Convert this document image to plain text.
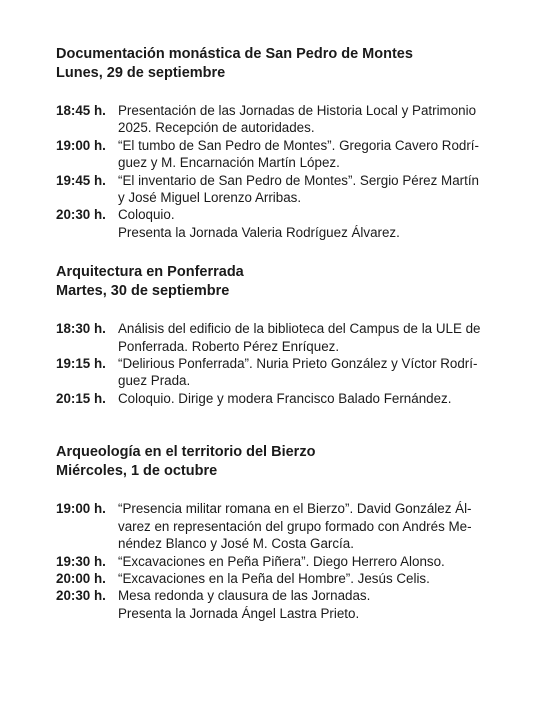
Documentación monástica de San Pedro de Montes

Lunes, 29 de septiembre

18:45 h. Presentación de las Jornadas de Historia Local y Patrimonio
2025. Recepción de autoridades.
19:00 h. “El tumbo de San Pedro de Montes”. Gregoria Cavero Rodrí-
guez y M. Encarnación Martín López.
19:45 h. “El inventario de San Pedro de Montes”. Sergio Pérez Martín
y José Miguel Lorenzo Arribas.
20:30 h. Coloquio.
Presenta la Jornada Valeria Rodríguez Álvarez.

Arquitectura en Ponferrada

Martes, 30 de septiembre

18:30 h. Análisis del edificio de la biblioteca del Campus de la ULE de
Ponferrada. Roberto Pérez Enríquez.
19:15 h. “Delirious Ponferrada”. Nuria Prieto González y Víctor Rodrí-
guez Prada.
20:15 h. Coloquio. Dirige y modera Francisco Balado Fernández.

Arqueología en el territorio del Bierzo

Miércoles, 1 de octubre

19:00 h. “Presencia militar romana en el Bierzo”. David González Ál-
varez en representación del grupo formado con Andrés Me-
néndez Blanco y José M. Costa García.
19:30 h. “Excavaciones en Peña Piñera”. Diego Herrero Alonso.
20:00 h. “Excavaciones en la Peña del Hombre”. Jesús Celis.
20:30 h. Mesa redonda y clausura de las Jornadas.
Presenta la Jornada Ángel Lastra Prieto.
